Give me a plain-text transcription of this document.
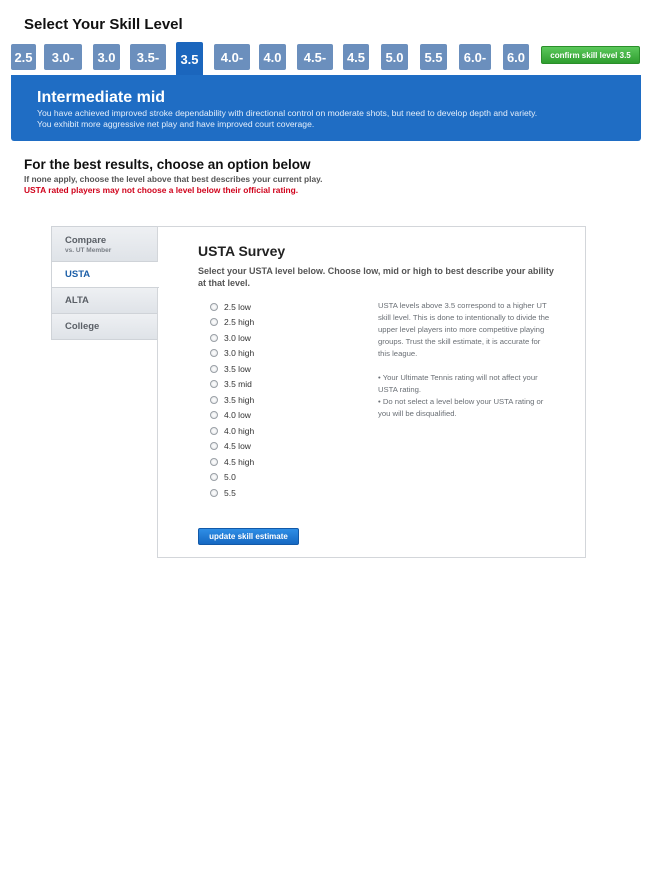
Select Your Skill Level
2.5	3.0-	3.0	3.5-	3.5	4.0-	4.0	4.5-	4.5	5.0	5.5	6.0-	6.0	confirm skill level 3.5

Intermediate mid

You have achieved improved stroke dependability with directional control on moderate shots, but need to develop depth and variety.

You exhibit more aggressive net play and have improved court coverage.

For the best results, choose an option below

If none apply, choose the level above that best describes your current play.

USTA rated players may not choose a level below their official rating.

Compare
vs. UT Member
USTA
ALTA
College

USTA Survey

Select your USTA level below. Choose low, mid or high to best describe your ability at that level.

2.5 low
2.5 high
3.0 low
3.0 high
3.5 low
3.5 mid
3.5 high
4.0 low
4.0 high
4.5 low
4.5 high
5.0
5.5

USTA levels above 3.5 correspond to a higher UT skill level. This is done to intentionally to divide the upper level players into more competitive playing groups. Trust the skill estimate, it is accurate for this league.

• Your Ultimate Tennis rating will not affect your USTA rating.

• Do not select a level below your USTA rating or you will be disqualified.

update skill estimate
